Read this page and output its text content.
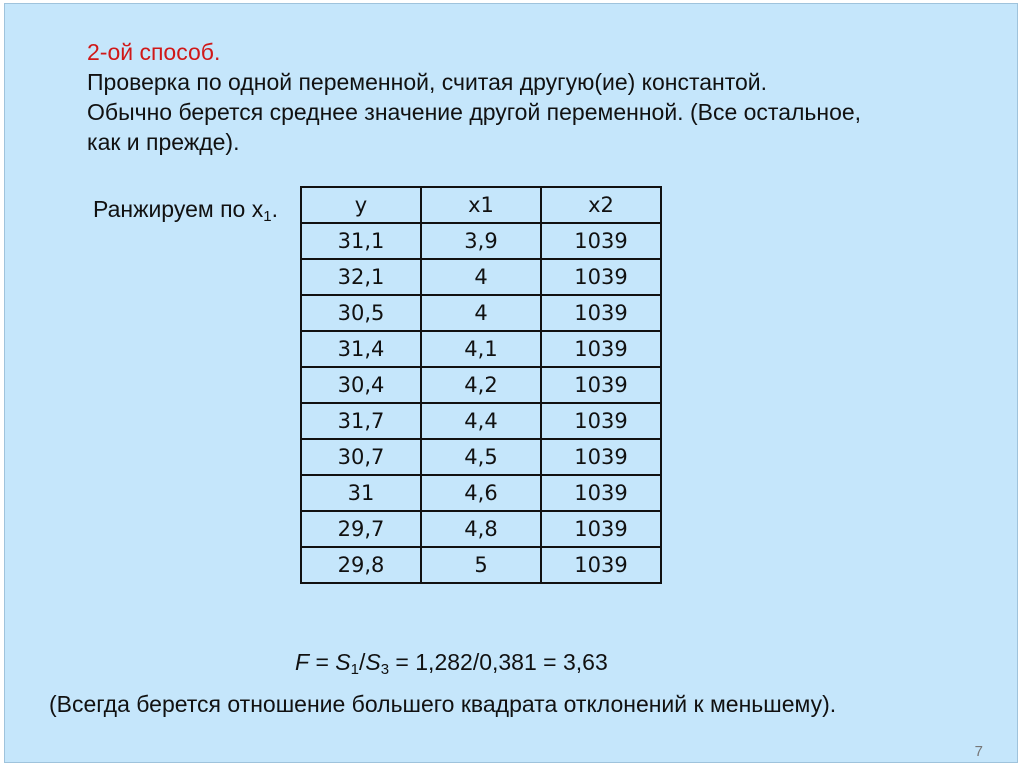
2-ой способ.
Проверка по одной переменной, считая другую(ие) константой.
Обычно берется среднее значение другой переменной. (Все остальное,
как и прежде).
Ранжируем по $x_1$.	y	x1	x2
31,1	3,9	1039
32,1	4	1039
30,5	4	1039
31,4	4,1	1039
30,4	4,2	1039
31,7	4,4	1039
30,7	4,5	1039
31	4,6	1039
29,7	4,8	1039
29,8	5	1039
$F = S_1/S_3 = 1,282/0,381 = 3,63$
(Всегда берется отношение большего квадрата отклонений к меньшему).
7
